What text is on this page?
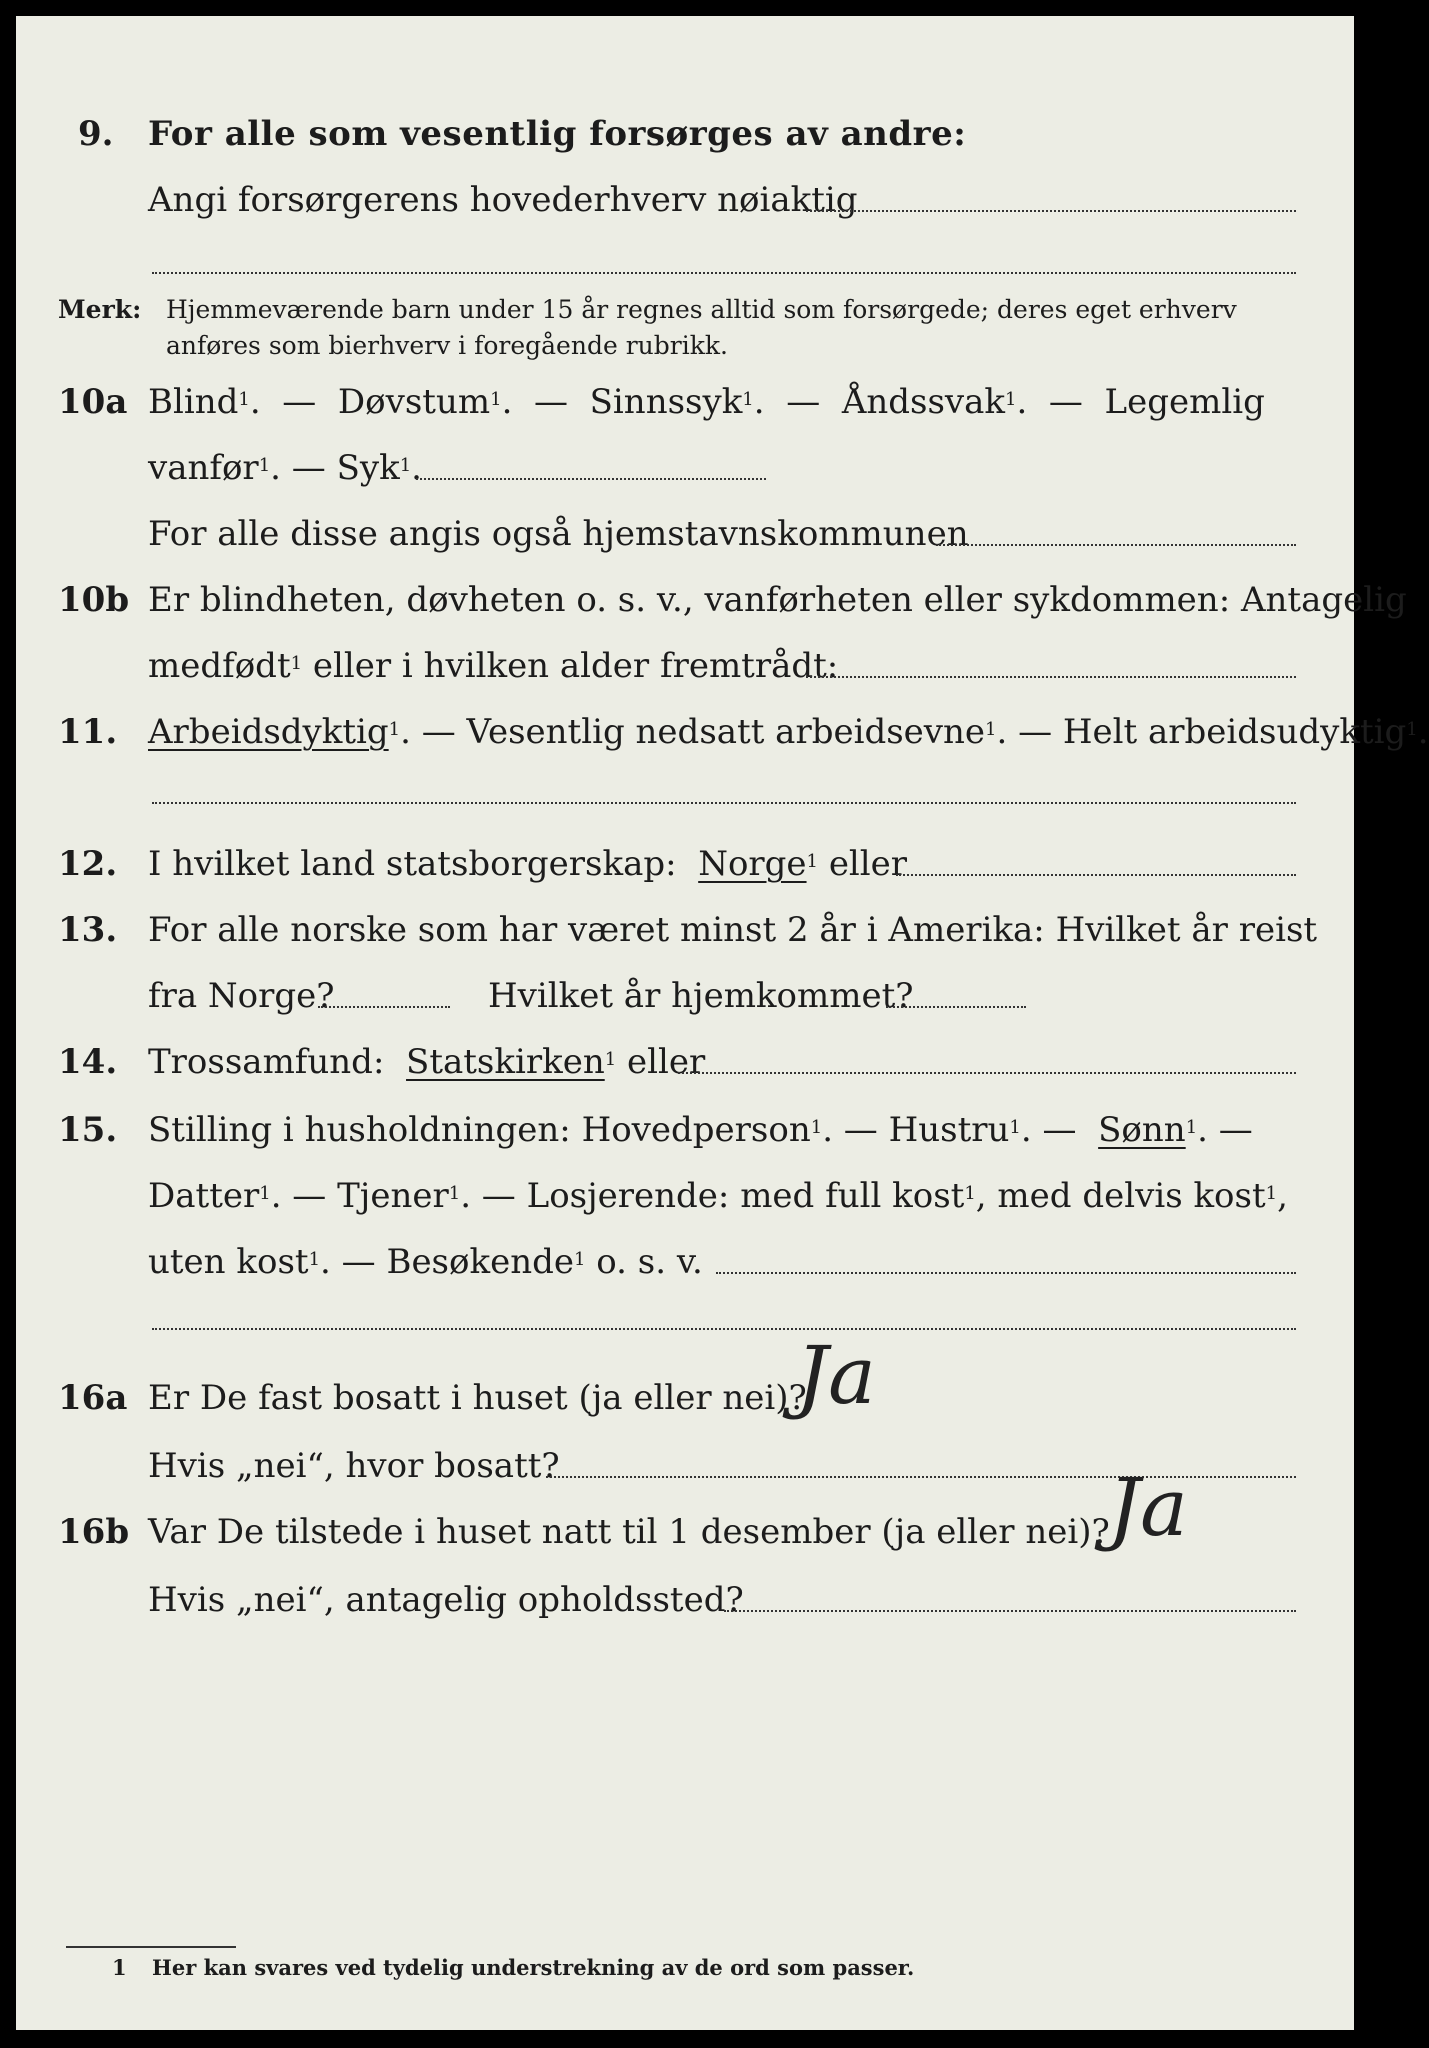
9. For alle som vesentlig forsørges av andre:
Angi forsørgerens hovederhverv nøiaktig
Merk: Hjemmeværende barn under 15 år regnes alltid som forsørgede; deres eget erhverv
anføres som bierhverv i foregående rubrikk.
10a Blind$^1$. — Døvstum$^1$. — Sinnssyk$^1$. — Åndssvak$^1$. — Legemlig
vanfør$^1$. — Syk$^1$.
For alle disse angis også hjemstavnskommunen
10b Er blindheten, døvheten o. s. v., vanførheten eller sykdommen: Antagelig
medfødt$^1$ eller i hvilken alder fremtrådt:
11. Arbeidsdyktig$^1$. — Vesentlig nedsatt arbeidsevne$^1$. — Helt arbeidsudyktig$^1$.
12. I hvilket land statsborgerskap: Norge$^1$ eller
13. For alle norske som har været minst 2 år i Amerika: Hvilket år reist
fra Norge?	Hvilket år hjemkommet?
14. Trossamfund: Statskirken$^1$ eller
15. Stilling i husholdningen: Hovedperson$^1$. — Hustru$^1$. — Sønn$^1$. —
Datter$^1$. — Tjener$^1$. — Losjerende: med full kost$^1$, med delvis kost$^1$,
uten kost$^1$. — Besøkende$^1$ o. s. v.
16a Er De fast bosatt i huset (ja eller nei)?
Ja
Hvis „nei“, hvor bosatt?
16b Var De tilstede i huset natt til 1 desember (ja eller nei)?
Ja
Hvis „nei“, antagelig opholdssted?
1 Her kan svares ved tydelig understrekning av de ord som passer.
